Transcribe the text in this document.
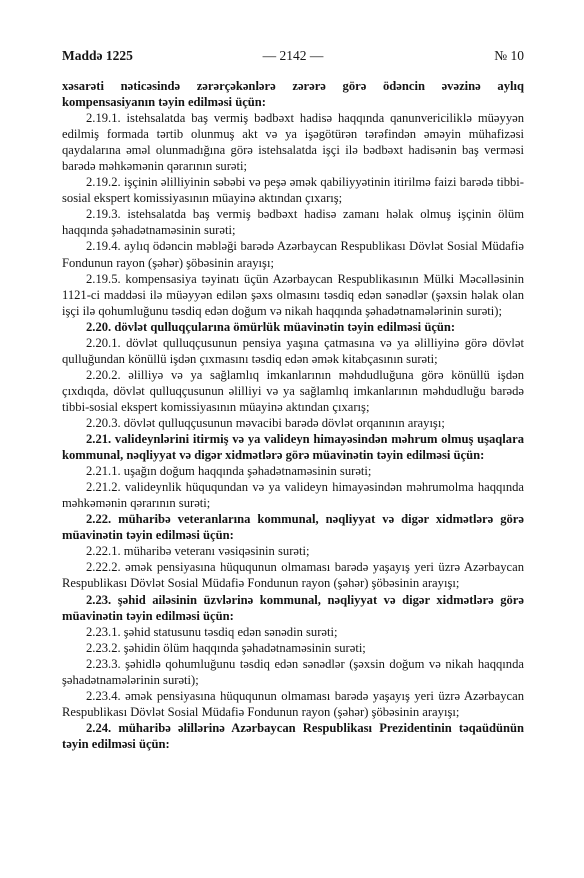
Maddə 1225	— 2142 —	№ 10

xəsarəti nəticəsində zərərçəkənlərə zərərə görə ödəncin əvəzinə aylıq kompensasiyanın təyin edilməsi üçün:

2.19.1. istehsalatda baş vermiş bədbəxt hadisə haqqında qanunvericiliklə müəyyən edilmiş formada tərtib olunmuş akt və ya işəgötürən tərəfindən əməyin mühafizəsi qaydalarına əməl olunmadığına görə istehsalatda işçi ilə bədbəxt hadisənin baş verməsi barədə məhkəmənin qərarının surəti;

2.19.2. işçinin əlilliyinin səbəbi və peşə əmək qabiliyyətinin itirilmə faizi barədə tibbi-sosial ekspert komissiyasının müayinə aktından çıxarış;

2.19.3. istehsalatda baş vermiş bədbəxt hadisə zamanı həlak olmuş işçinin ölüm haqqında şəhadətnaməsinin surəti;

2.19.4. aylıq ödəncin məbləği barədə Azərbaycan Respublikası Dövlət Sosial Müdafiə Fondunun rayon (şəhər) şöbəsinin arayışı;

2.19.5. kompensasiya təyinatı üçün Azərbaycan Respublikasının Mülki Məcəlləsinin 1121-ci maddəsi ilə müəyyən edilən şəxs olmasını təsdiq edən sənədlər (şəxsin həlak olan işçi ilə qohumluğunu təsdiq edən doğum və nikah haqqında şəhadətnamələrinin surəti);

2.20. dövlət qulluqçularına ömürlük müavinətin təyin edilməsi üçün:

2.20.1. dövlət qulluqçusunun pensiya yaşına çatmasına və ya əlilliyinə görə dövlət qulluğundan könüllü işdən çıxmasını təsdiq edən əmək kitabçasının surəti;

2.20.2. əlilliyə və ya sağlamlıq imkanlarının məhdudluğuna görə könüllü işdən çıxdıqda, dövlət qulluqçusunun əlilliyi və ya sağlamlıq imkanlarının məhdudluğu barədə tibbi-sosial ekspert komissiyasının müayinə aktından çıxarış;

2.20.3. dövlət qulluqçusunun məvacibi barədə dövlət orqanının arayışı;

2.21. valideynlərini itirmiş və ya valideyn himayəsindən məhrum olmuş uşaqlara kommunal, nəqliyyat və digər xidmətlərə görə müavinətin təyin edilməsi üçün:

2.21.1. uşağın doğum haqqında şəhadətnaməsinin surəti;

2.21.2. valideynlik hüququndan və ya valideyn himayəsindən məhrumolma haqqında məhkəmənin qərarının surəti;

2.22. müharibə veteranlarına kommunal, nəqliyyat və digər xidmətlərə görə müavinətin təyin edilməsi üçün:

2.22.1. müharibə veteranı vəsiqəsinin surəti;

2.22.2. əmək pensiyasına hüququnun olmaması barədə yaşayış yeri üzrə Azərbaycan Respublikası Dövlət Sosial Müdafiə Fondunun rayon (şəhər) şöbəsinin arayışı;

2.23. şəhid ailəsinin üzvlərinə kommunal, nəqliyyat və digər xidmətlərə görə müavinətin təyin edilməsi üçün:

2.23.1. şəhid statusunu təsdiq edən sənədin surəti;

2.23.2. şəhidin ölüm haqqında şəhadətnaməsinin surəti;

2.23.3. şəhidlə qohumluğunu təsdiq edən sənədlər (şəxsin doğum və nikah haqqında şəhadətnamələrinin surəti);

2.23.4. əmək pensiyasına hüququnun olmaması barədə yaşayış yeri üzrə Azərbaycan Respublikası Dövlət Sosial Müdafiə Fondunun rayon (şəhər) şöbəsinin arayışı;

2.24. müharibə əlillərinə Azərbaycan Respublikası Prezidentinin təqaüdünün təyin edilməsi üçün:
